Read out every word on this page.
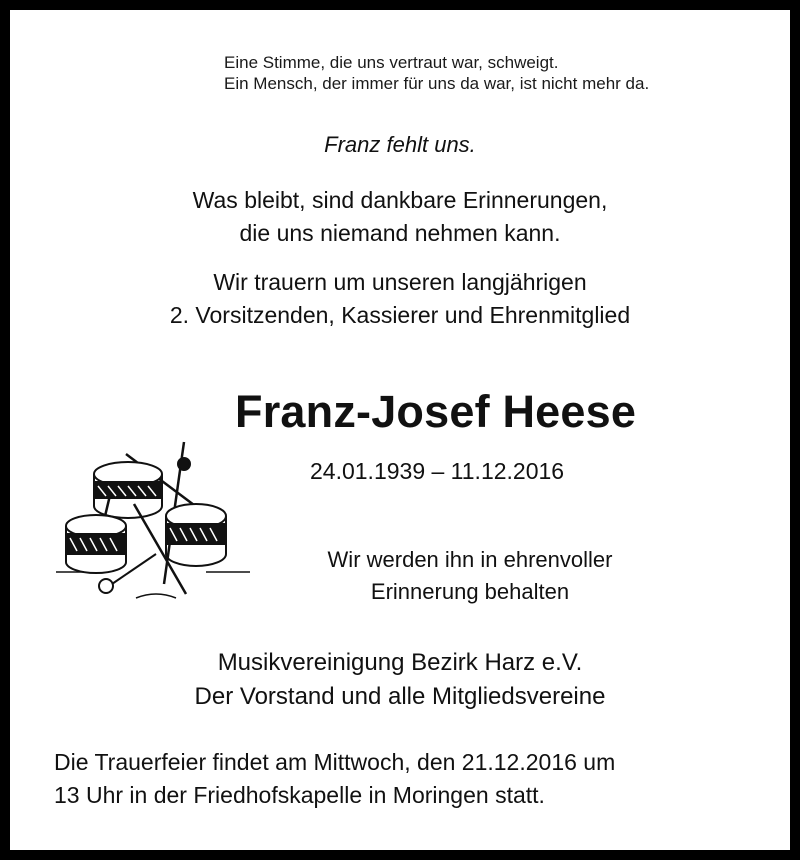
Eine Stimme, die uns vertraut war, schweigt.
Ein Mensch, der immer für uns da war, ist nicht mehr da.
Franz fehlt uns.
Was bleibt, sind dankbare Erinnerungen,
die uns niemand nehmen kann.
Wir trauern um unseren langjährigen
2. Vorsitzenden, Kassierer und Ehrenmitglied
Franz-Josef Heese
24.01.1939 – 11.12.2016
Wir werden ihn in ehrenvoller
Erinnerung behalten
Musikvereinigung Bezirk Harz e.V.
Der Vorstand und alle Mitgliedsvereine
Die Trauerfeier findet am Mittwoch, den 21.12.2016 um
13 Uhr in der Friedhofskapelle in Moringen statt.
